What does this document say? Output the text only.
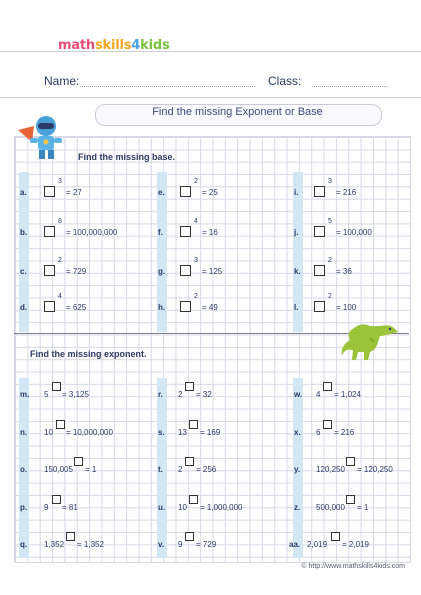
mathskills4kids
Name:	Class:
Find the missing Exponent or Base
Find the missing base.
a.
3
= 27
b.
8
= 100,000,000
c.
2
= 729
d.
4
= 625
e.
2
= 25
f.
4
= 16
g.
3
= 125
h.
2
= 49
i.
3
= 216
j.
5
= 100,000
k.
2
= 36
l.
2
= 100
Find the missing exponent.
m.	5 = 3,125
n.	10 = 10,000,000
o.	150,005 = 1
p.	9 = 81
q.	1,352 = 1,352
r.	2 = 32
s.	13 = 169
t.	2 = 256
u.	10 = 1,000,000
v.	9 = 729
w.	4 = 1,024
x.	6 = 216
y.	120,250 = 120,250
z.	500,000 = 1
aa. 2,019 = 2,019
© http://www.mathskills4kids.com
